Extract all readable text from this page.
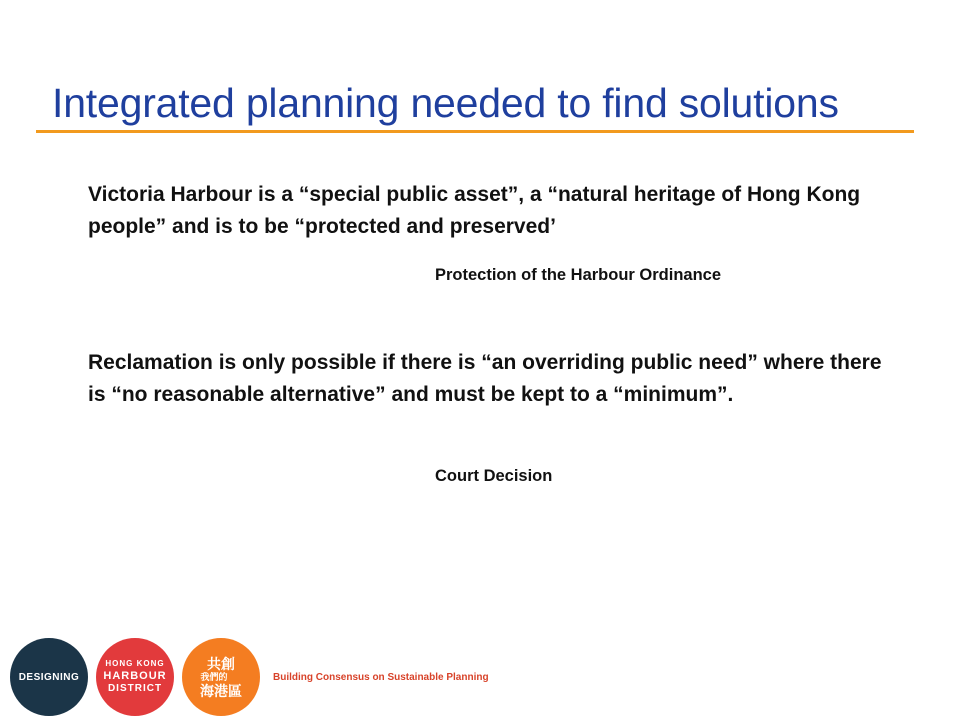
Integrated planning needed to find solutions

Victoria Harbour is a “special public asset”, a “natural heritage of Hong Kong people” and is to be “protected and preserved’

Protection of the Harbour Ordinance

Reclamation is only possible if there is “an overriding public need” where there is “no reasonable alternative” and must be kept to a “minimum”.

Court Decision

DESIGNING
HONG KONG
HARBOUR
DISTRICT
共創
我們的
海港區

Building Consensus on Sustainable Planning
